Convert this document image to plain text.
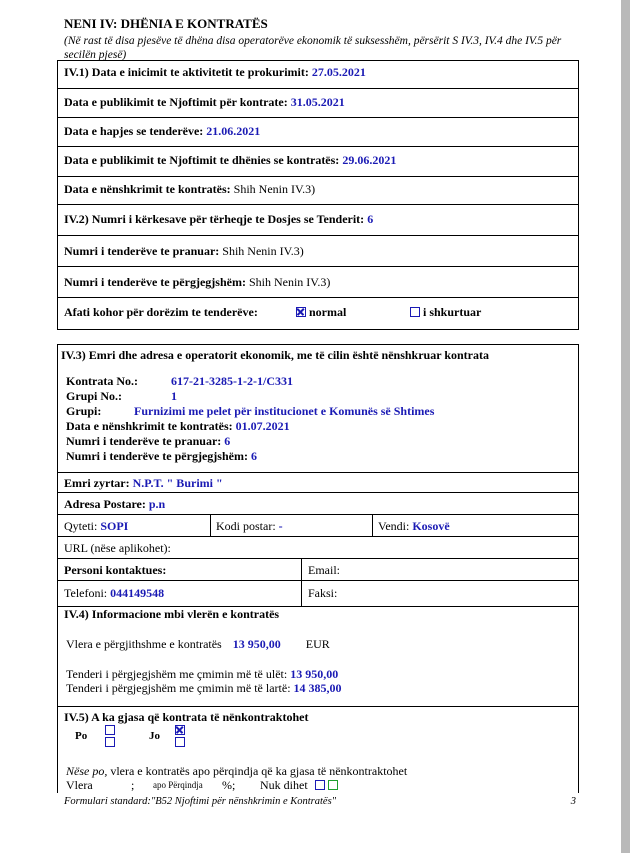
NENI IV: DHËNIA E KONTRATËS
(Në rast të disa pjesëve të dhëna disa operatorëve ekonomik të suksesshëm, përsërit S IV.3, IV.4 dhe IV.5 për secilën pjesë)
IV.1) Data e inicimit te aktivitetit te prokurimit: 27.05.2021
Data e publikimit te Njoftimit për kontrate: 31.05.2021
Data e hapjes se tenderëve: 21.06.2021
Data e publikimit te Njoftimit te dhënies se kontratës: 29.06.2021
Data e nënshkrimit te kontratës: Shih Nenin IV.3)
IV.2) Numri i kërkesave për tërheqje te Dosjes se Tenderit: 6
Numri i tenderëve te pranuar: Shih Nenin IV.3)
Numri i tenderëve te përgjegjshëm: Shih Nenin IV.3)
Afati kohor për dorëzim te tenderëve:	normal	i shkurtuar
IV.3) Emri dhe adresa e operatorit ekonomik, me të cilin është nënshkruar kontrata
Kontrata No.:	617-21-3285-1-2-1/C331
Grupi No.:	1
Grupi:	Furnizimi me pelet për institucionet e Komunës së Shtimes
Data e nënshkrimit te kontratës: 01.07.2021
Numri i tenderëve te pranuar: 6
Numri i tenderëve te përgjegjshëm: 6
Emri zyrtar: N.P.T. " Burimi "
Adresa Postare: p.n
Qyteti: SOPI	Kodi postar: -	Vendi: Kosovë
URL (nëse aplikohet):
Personi kontaktues:	Email:
Telefoni: 044149548	Faksi:
IV.4) Informacione mbi vlerën e kontratës
Vlera e përgjithshme e kontratës 13 950,00 EUR
Tenderi i përgjegjshëm me çmimin më të ulët: 13 950,00
Tenderi i përgjegjshëm me çmimin më të lartë: 14 385,00
IV.5) A ka gjasa që kontrata të nënkontraktohet
Po	Jo

Nëse po, vlera e kontratës apo përqindja që ka gjasa të nënkontraktohet
Vlera	; apo Përqindja %; Nuk dihet
Formulari standard:"B52 Njoftimi për nënshkrimin e Kontratës"	3
